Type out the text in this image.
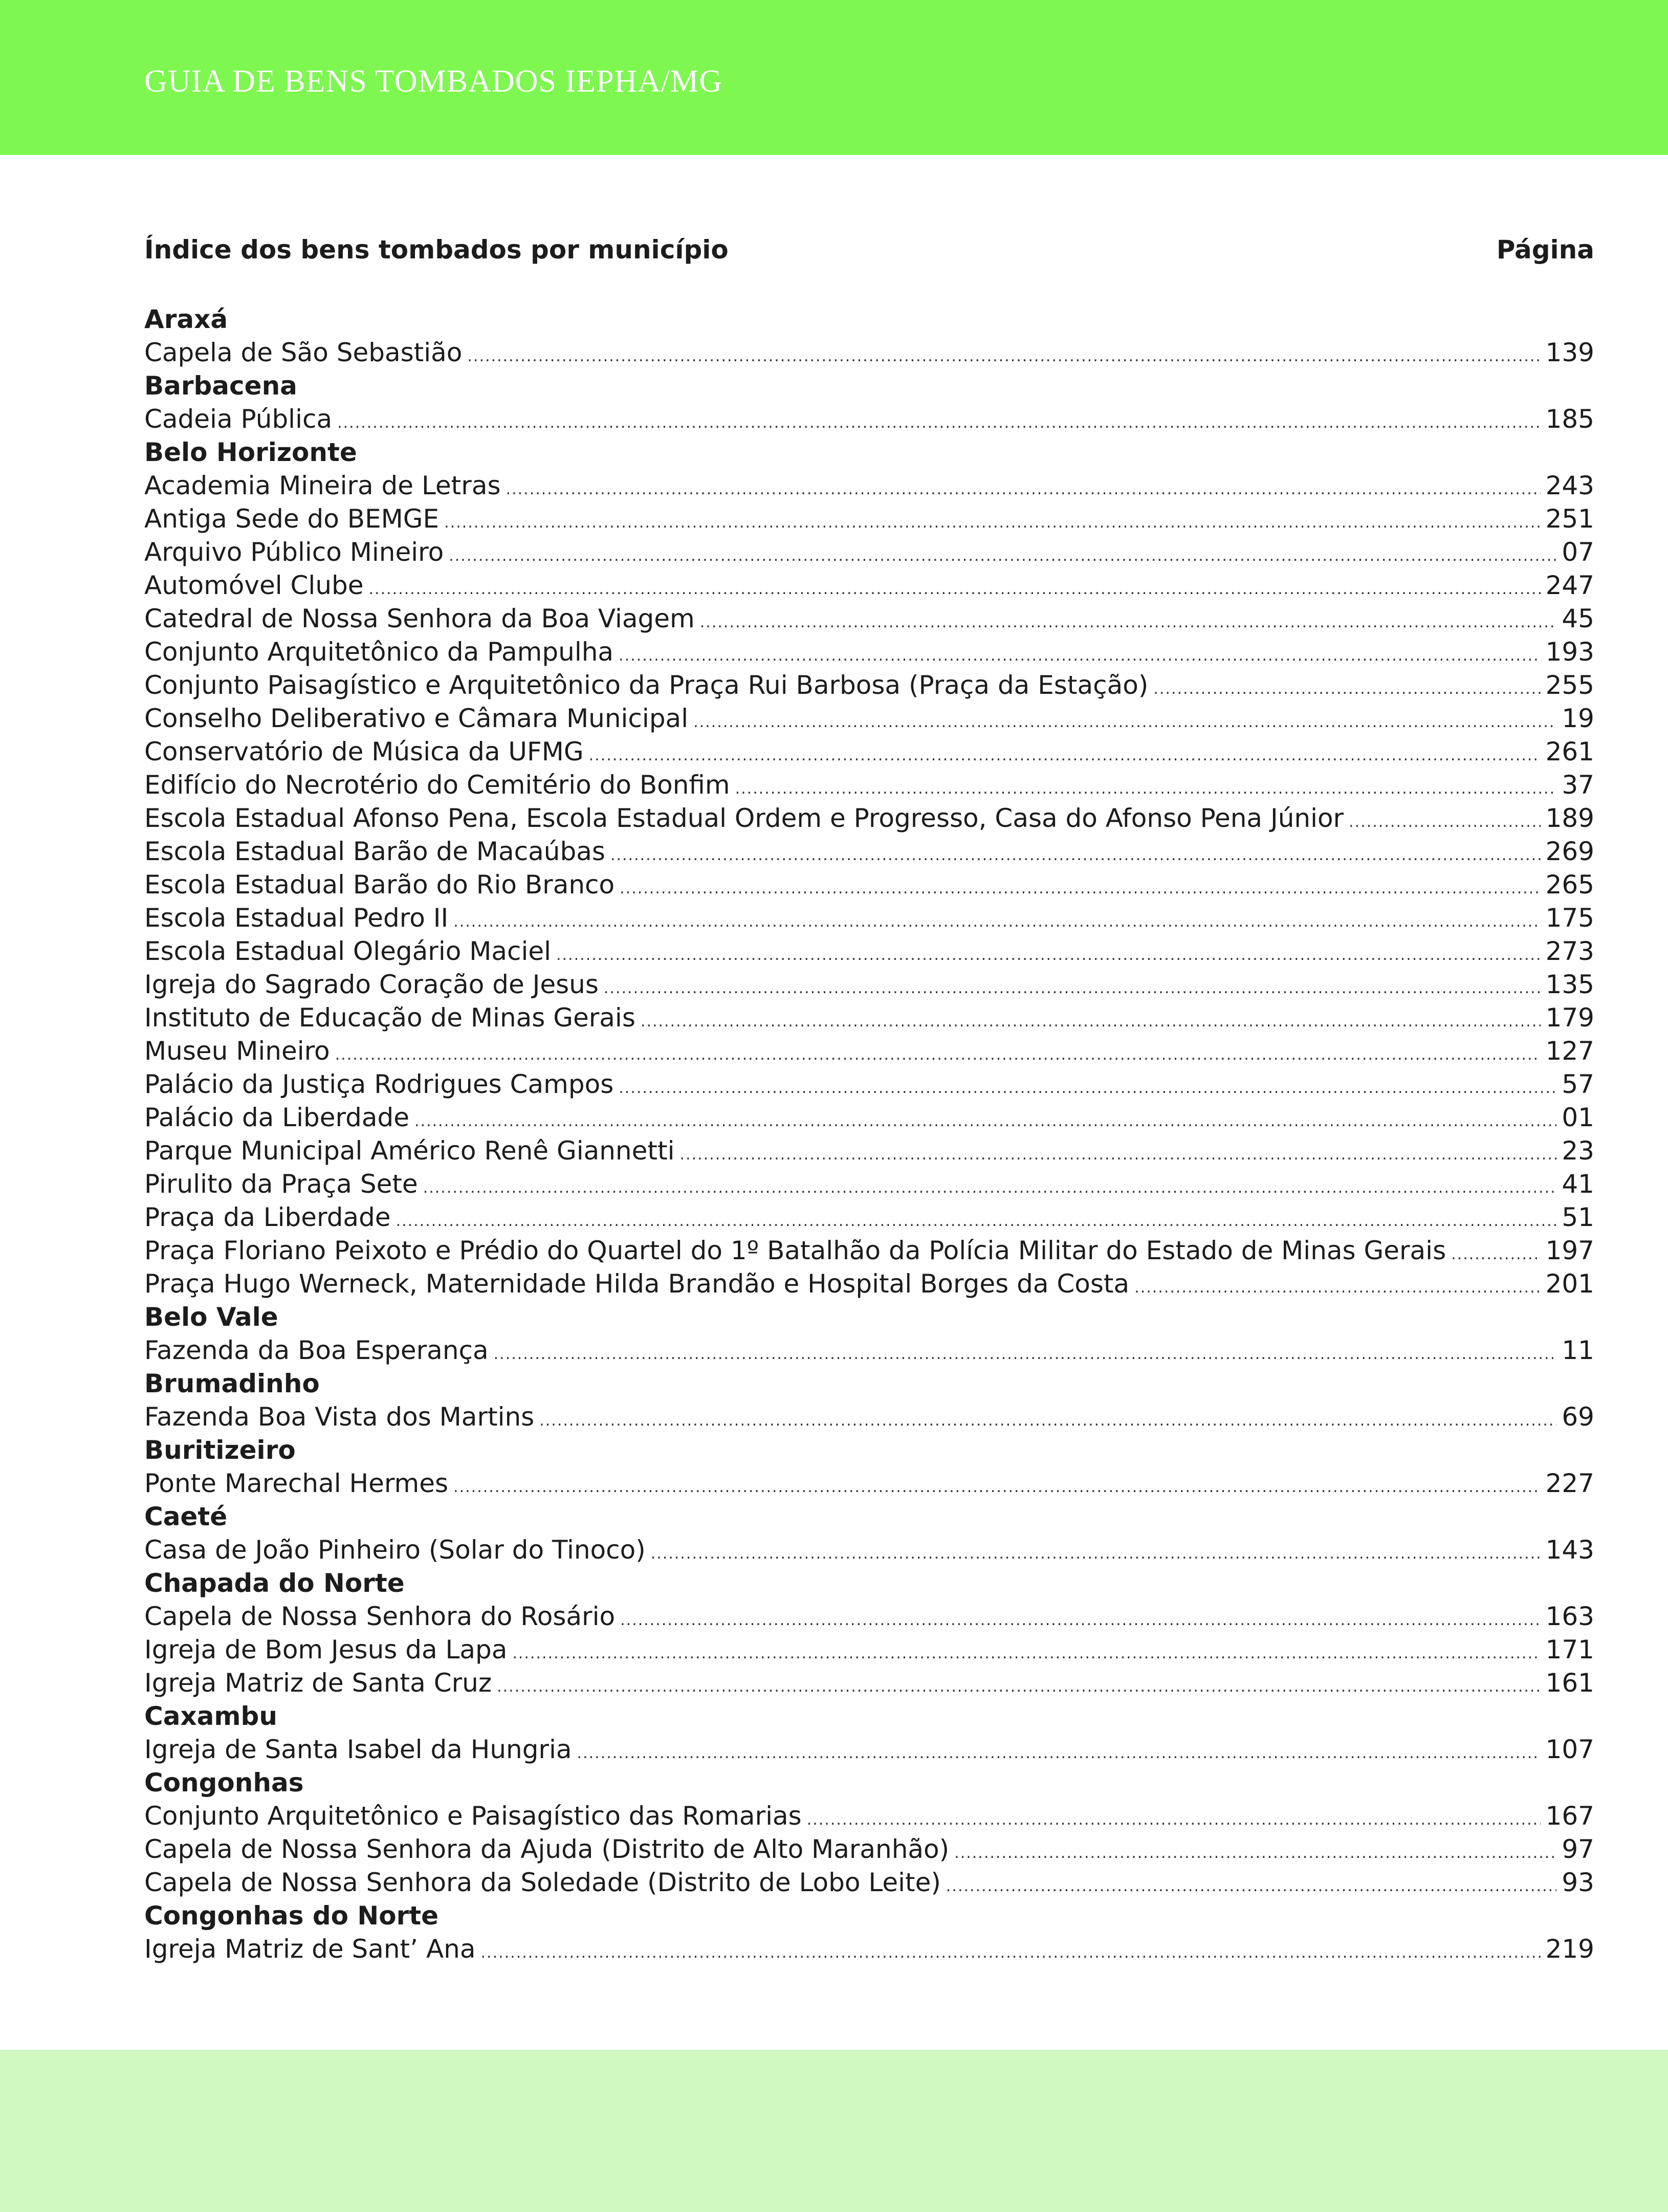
GUIA DE BENS TOMBADOS IEPHA/MG
Índice dos bens tombados por município	Página
Araxá
Capela de São Sebastião .....	139
Barbacena
Cadeia Pública .....	185
Belo Horizonte
Academia Mineira de Letras .....	243
Antiga Sede do BEMGE .....	251
Arquivo Público Mineiro .....	07
Automóvel Clube .....	247
Catedral de Nossa Senhora da Boa Viagem .....	45
Conjunto Arquitetônico da Pampulha .....	193
Conjunto Paisagístico e Arquitetônico da Praça Rui Barbosa (Praça da Estação) .....	255
Conselho Deliberativo e Câmara Municipal .....	19
Conservatório de Música da UFMG .....	261
Edifício do Necrotério do Cemitério do Bonfim .....	37
Escola Estadual Afonso Pena, Escola Estadual Ordem e Progresso, Casa do Afonso Pena Júnior .....	189
Escola Estadual Barão de Macaúbas .....	269
Escola Estadual Barão do Rio Branco .....	265
Escola Estadual Pedro II .....	175
Escola Estadual Olegário Maciel .....	273
Igreja do Sagrado Coração de Jesus .....	135
Instituto de Educação de Minas Gerais .....	179
Museu Mineiro .....	127
Palácio da Justiça Rodrigues Campos .....	57
Palácio da Liberdade .....	01
Parque Municipal Américo Renê Giannetti .....	23
Pirulito da Praça Sete .....	41
Praça da Liberdade .....	51
Praça Floriano Peixoto e Prédio do Quartel do 1º Batalhão da Polícia Militar do Estado de Minas Gerais .....	197
Praça Hugo Werneck, Maternidade Hilda Brandão e Hospital Borges da Costa .....	201
Belo Vale
Fazenda da Boa Esperança .....	11
Brumadinho
Fazenda Boa Vista dos Martins .....	69
Buritizeiro
Ponte Marechal Hermes .....	227
Caeté
Casa de João Pinheiro (Solar do Tinoco) .....	143
Chapada do Norte
Capela de Nossa Senhora do Rosário .....	163
Igreja de Bom Jesus da Lapa .....	171
Igreja Matriz de Santa Cruz .....	161
Caxambu
Igreja de Santa Isabel da Hungria .....	107
Congonhas
Conjunto Arquitetônico e Paisagístico das Romarias .....	167
Capela de Nossa Senhora da Ajuda (Distrito de Alto Maranhão) .....	97
Capela de Nossa Senhora da Soledade (Distrito de Lobo Leite) .....	93
Congonhas do Norte
Igreja Matriz de Sant’ Ana .....	219
